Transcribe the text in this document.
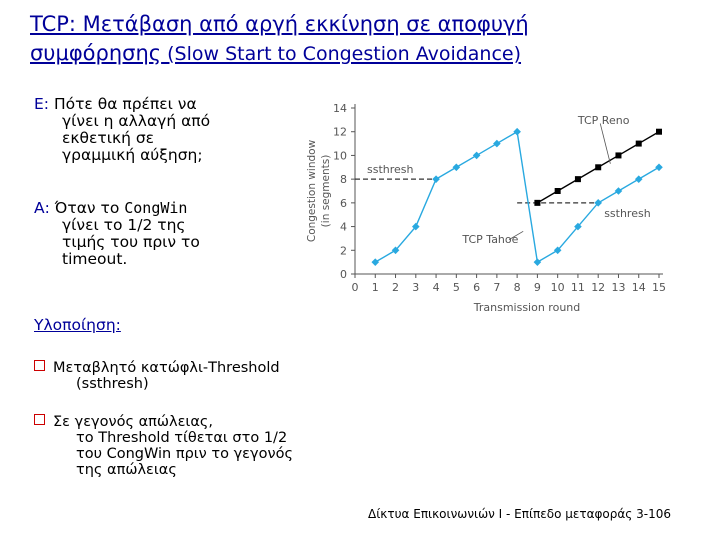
TCP: Μετάβαση από αργή εκκίνηση σε αποφυγή
συμφόρησης (Slow Start to Congestion Avoidance)
Ε: Πότε θα πρέπει να
γίνει η αλλαγή από
εκθετική σε
γραμμική αύξηση;
Α: Όταν το CongWin
γίνει το 1/2 της
τιμής του πριν το
timeout.
Υλοποίηση:
Μεταβλητό κατώφλι-Threshold
(ssthresh)
Σε γεγονός απώλειας,
το Threshold τίθεται στο 1/2
του CongWin πριν το γεγονός
της απώλειας
0
2
4
6
8
10
12
14
0 1 2 3 4 5 6 7 8 9 10 11 12 13 14 15
Transmission round
Congestion window (in segments)	ssthresh
ssthresh
TCP Reno
TCP Tahoe
Δίκτυα Επικοινωνιών Ι - Επίπεδο μεταφοράς 3-106
